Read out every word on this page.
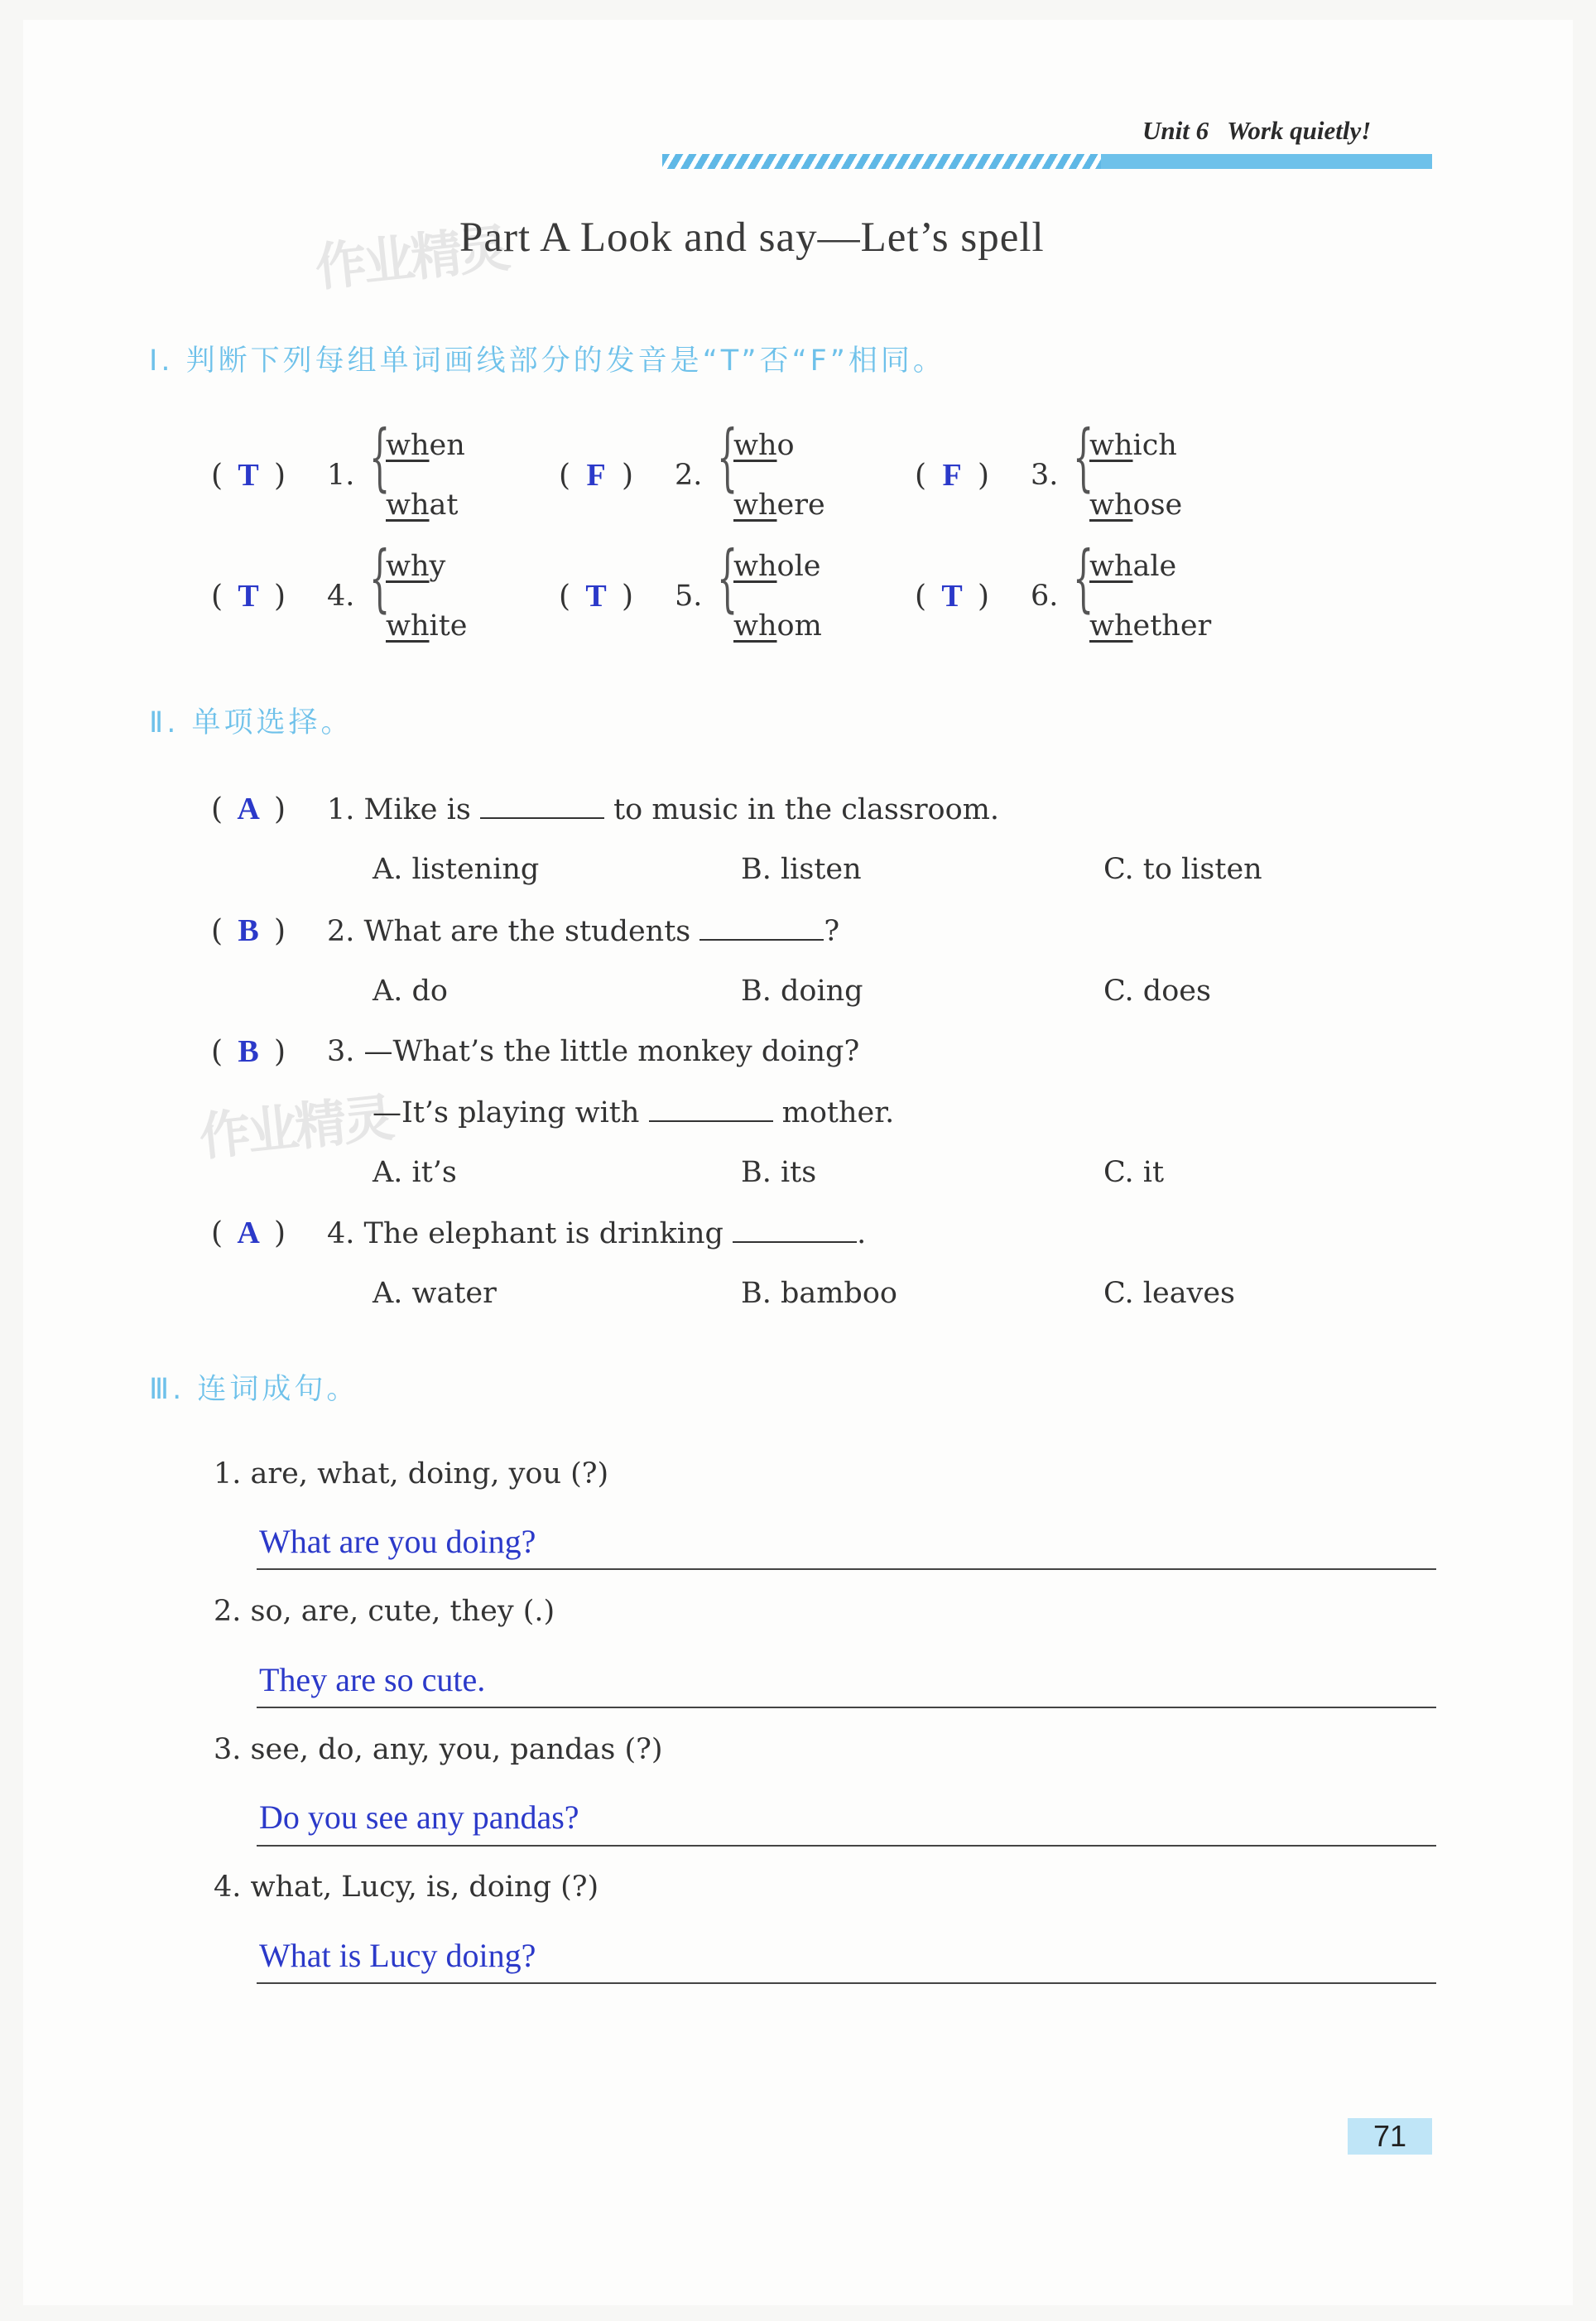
Unit 6 Work quietly!
作业精灵
Part A Look and say—Let’s spell
Ⅰ. 判断下列每组单词画线部分的发音是“T”否“F”相同。
( T ) 1. {
when
what
( F ) 2. {
who
where
( F ) 3. {
which
whose
( T ) 4. {
why
white
( T ) 5. {
whole
whom
( T ) 6. {
whale
whether
Ⅱ. 单项选择。
( A ) 1. Mike is	to music in the classroom.
A. listening	B. listen	C. to listen
( B ) 2. What are the students	?
A. do	B. doing	C. does
( B ) 3. —What’s the little monkey doing?
作业精灵
—It’s playing with	mother.
A. it’s	B. its	C. it
( A ) 4. The elephant is drinking	.
A. water	B. bamboo	C. leaves
Ⅲ. 连词成句。
1. are, what, doing, you (?)
What are you doing?
2. so, are, cute, they (.)
They are so cute.
3. see, do, any, you, pandas (?)
Do you see any pandas?
4. what, Lucy, is, doing (?)
What is Lucy doing?
71
